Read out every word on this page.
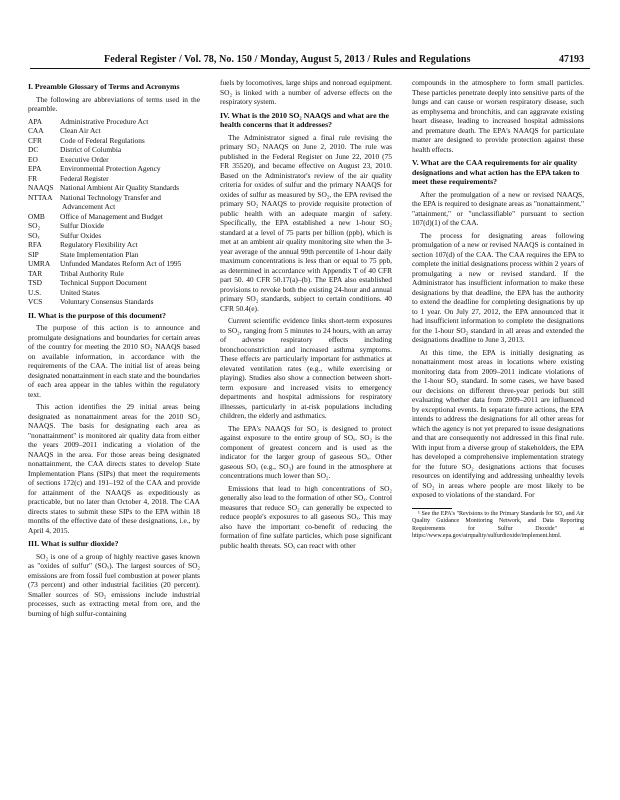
Federal Register / Vol. 78, No. 150 / Monday, August 5, 2013 / Rules and Regulations	47193
I. Preamble Glossary of Terms and Acronyms

The following are abbreviations of terms used in the preamble.

APA Administrative Procedure Act
CAA Clean Air Act
CFR Code of Federal Regulations
DC	District of Columbia
EO	Executive Order
EPA	Environmental Protection Agency
FR	Federal Register
NAAQS National Ambient Air Quality Standards
NTTAA National Technology Transfer and Advancement Act
OMB Office of Management and Budget
SO₂	Sulfur Dioxide
SOₓ	Sulfur Oxides
RFA Regulatory Flexibility Act
SIP	State Implementation Plan
UMRA Unfunded Mandates Reform Act of 1995
TAR Tribal Authority Rule
TSD Technical Support Document
U.S.	United States
VCS Voluntary Consensus Standards
II. What is the purpose of this document?

The purpose of this action is to announce and promulgate designations and boundaries for certain areas of the country for meeting the 2010 SO₂ NAAQS based on available information, in accordance with the requirements of the CAA. The initial list of areas being designated nonattainment in each state and the boundaries of each area appear in the tables within the regulatory text.

This action identifies the 29 initial areas being designated as nonattainment areas for the 2010 SO₂ NAAQS. The basis for designating each area as "nonattainment" is monitored air quality data from either the years 2009–2011 indicating a violation of the NAAQS in the area. For those areas being designated nonattainment, the CAA directs states to develop State Implementation Plans (SIPs) that meet the requirements of sections 172(c) and 191–192 of the CAA and provide for attainment of the NAAQS as expeditiously as practicable, but no later than October 4, 2018. The CAA directs states to submit these SIPs to the EPA within 18 months of the effective date of these designations, i.e., by April 4, 2015.

III. What is sulfur dioxide?

SO₂ is one of a group of highly reactive gases known as "oxides of sulfur" (SOₓ). The largest sources of SO₂ emissions are from fossil fuel combustion at power plants (73 percent) and other industrial facilities (20 percent). Smaller sources of SO₂ emissions include industrial processes, such as extracting metal from ore, and the burning of high sulfur-containing

fuels by locomotives, large ships and nonroad equipment. SO₂ is linked with a number of adverse effects on the respiratory system.

IV. What is the 2010 SO₂ NAAQS and what are the health concerns that it addresses?

The Administrator signed a final rule revising the primary SO₂ NAAQS on June 2, 2010. The rule was published in the Federal Register on June 22, 2010 (75 FR 35520), and became effective on August 23, 2010. Based on the Administrator's review of the air quality criteria for oxides of sulfur and the primary NAAQS for oxides of sulfur as measured by SO₂, the EPA revised the primary SO₂ NAAQS to provide requisite protection of public health with an adequate margin of safety. Specifically, the EPA established a new 1-hour SO₂ standard at a level of 75 parts per billion (ppb), which is met at an ambient air quality monitoring site when the 3-year average of the annual 99th percentile of 1-hour daily maximum concentrations is less than or equal to 75 ppb, as determined in accordance with Appendix T of 40 CFR part 50. 40 CFR 50.17(a)–(b). The EPA also established provisions to revoke both the existing 24-hour and annual primary SO₂ standards, subject to certain conditions. 40 CFR 50.4(e).

Current scientific evidence links short-term exposures to SO₂, ranging from 5 minutes to 24 hours, with an array of adverse respiratory effects including bronchoconstriction and increased asthma symptoms. These effects are particularly important for asthmatics at elevated ventilation rates (e.g., while exercising or playing). Studies also show a connection between short-term exposure and increased visits to emergency departments and hospital admissions for respiratory illnesses, particularly in at-risk populations including children, the elderly and asthmatics.

The EPA's NAAQS for SO₂ is designed to protect against exposure to the entire group of SOₓ. SO₂ is the component of greatest concern and is used as the indicator for the larger group of gaseous SOₓ. Other gaseous SOₓ (e.g., SO₃) are found in the atmosphere at concentrations much lower than SO₂.

Emissions that lead to high concentrations of SO₂ generally also lead to the formation of other SOₓ. Control measures that reduce SO₂ can generally be expected to reduce people's exposures to all gaseous SOₓ. This may also have the important co-benefit of reducing the formation of fine sulfate particles, which pose significant public health threats. SOₓ can react with other

compounds in the atmosphere to form small particles. These particles penetrate deeply into sensitive parts of the lungs and can cause or worsen respiratory disease, such as emphysema and bronchitis, and can aggravate existing heart disease, leading to increased hospital admissions and premature death. The EPA's NAAQS for particulate matter are designed to provide protection against these health effects.

V. What are the CAA requirements for air quality designations and what action has the EPA taken to meet these requirements?

After the promulgation of a new or revised NAAQS, the EPA is required to designate areas as "nonattainment," "attainment," or "unclassifiable" pursuant to section 107(d)(1) of the CAA.

The process for designating areas following promulgation of a new or revised NAAQS is contained in section 107(d) of the CAA. The CAA requires the EPA to complete the initial designations process within 2 years of promulgating a new or revised standard. If the Administrator has insufficient information to make these designations by that deadline, the EPA has the authority to extend the deadline for completing designations by up to 1 year. On July 27, 2012, the EPA announced that it had insufficient information to complete the designations for the 1-hour SO₂ standard in all areas and extended the designations deadline to June 3, 2013.

At this time, the EPA is initially designating as nonattainment most areas in locations where existing monitoring data from 2009–2011 indicate violations of the 1-hour SO₂ standard. In some cases, we have based our decisions on different three-year periods but still evaluating whether data from 2009–2011 are influenced by exceptional events. In separate future actions, the EPA intends to address the designations for all other areas for which the agency is not yet prepared to issue designations and that are consequently not addressed in this final rule. With input from a diverse group of stakeholders, the EPA has developed a comprehensive implementation strategy for the future SO₂ designations actions that focuses resources on identifying and addressing unhealthy levels of SO₂ in areas where people are most likely to be exposed to violations of the standard. For

¹ See the EPA's "Revisions to the Primary Standards for SO₂ and Air Quality Guidance Monitoring Network, and Data Reporting Requirements for Sulfur Dioxide" at https://www.epa.gov/airquality/sulfurdioxide/implement.html.
